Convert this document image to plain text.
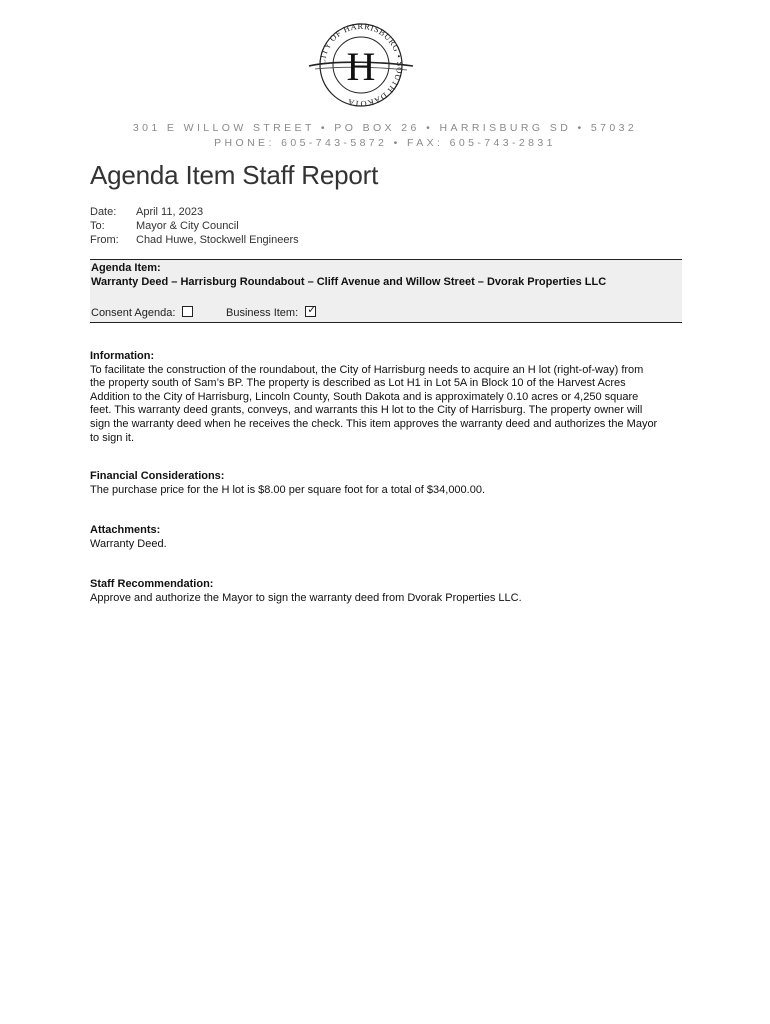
CITY OF HARRISBURG • SOUTH DAKOTA
H
301 E WILLOW STREET • PO BOX 26 • HARRISBURG SD • 57032
PHONE: 605-743-5872 • FAX: 605-743-2831
Agenda Item Staff Report
Date: April 11, 2023
To:	Mayor & City Council
From: Chad Huwe, Stockwell Engineers
Agenda Item:
Warranty Deed – Harrisburg Roundabout – Cliff Avenue and Willow Street – Dvorak Properties LLC
Consent Agenda:	Business Item: ✓
Information:
To facilitate the construction of the roundabout, the City of Harrisburg needs to acquire an H lot (right-of-way) from
the property south of Sam’s BP. The property is described as Lot H1 in Lot 5A in Block 10 of the Harvest Acres
Addition to the City of Harrisburg, Lincoln County, South Dakota and is approximately 0.10 acres or 4,250 square
feet. This warranty deed grants, conveys, and warrants this H lot to the City of Harrisburg. The property owner will
sign the warranty deed when he receives the check. This item approves the warranty deed and authorizes the Mayor
to sign it.
Financial Considerations:
The purchase price for the H lot is $8.00 per square foot for a total of $34,000.00.
Attachments:
Warranty Deed.
Staff Recommendation:
Approve and authorize the Mayor to sign the warranty deed from Dvorak Properties LLC.
